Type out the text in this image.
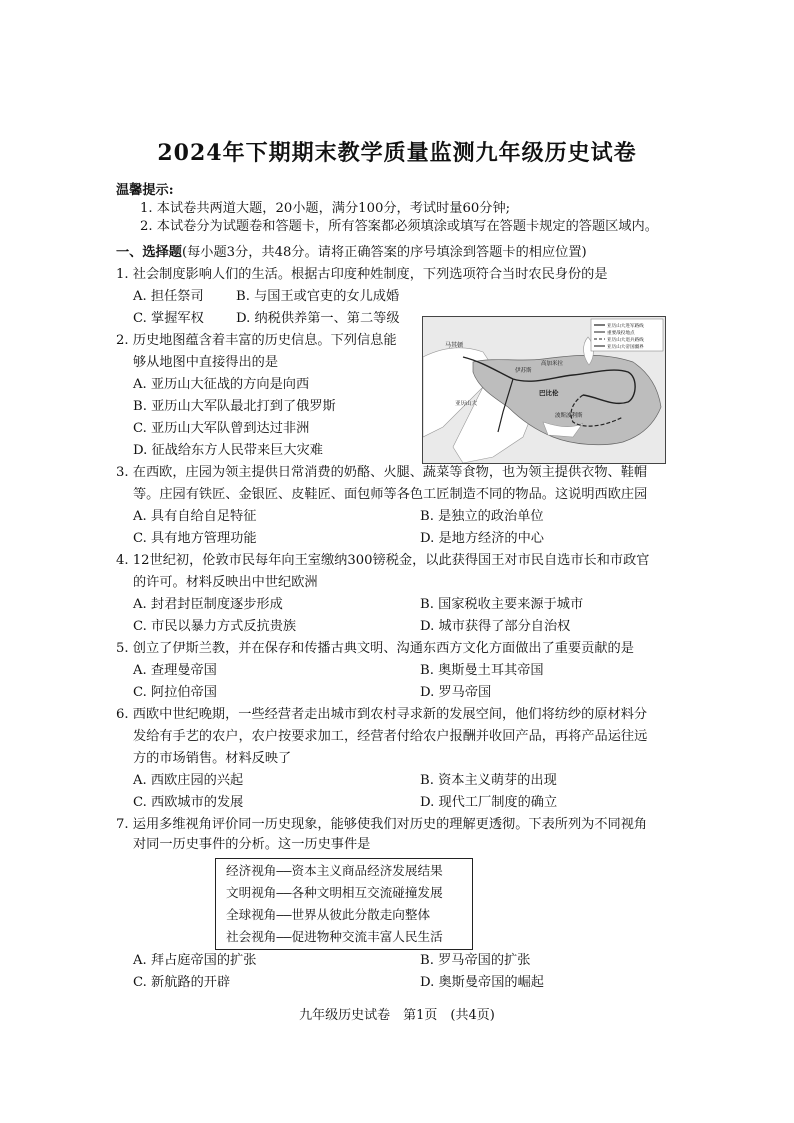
2024年下期期末教学质量监测九年级历史试卷
温馨提示:
1. 本试卷共两道大题，20小题，满分100分，考试时量60分钟;
2. 本试卷分为试题卷和答题卡，所有答案都必须填涂或填写在答题卡规定的答题区域内。
一、选择题(每小题3分，共48分。请将正确答案的序号填涂到答题卡的相应位置)
1. 社会制度影响人们的生活。根据古印度种姓制度，下列选项符合当时农民身份的是
A. 担任祭司 B. 与国王或官吏的女儿成婚
C. 掌握军权 D. 纳税供养第一、第二等级
2. 历史地图蕴含着丰富的历史信息。下列信息能
够从地图中直接得出的是
A. 亚历山大征战的方向是向西
B. 亚历山大军队最北打到了俄罗斯
C. 亚历山大军队曾到达过非洲
D. 征战给东方人民带来巨大灾难
亚历山大进军路线
重要战役地点
亚历山大退兵路线
亚历山大帝国疆界
马其顿
伊苏斯
高加米拉
巴比伦
波斯波利斯
亚历山大
3. 在西欧，庄园为领主提供日常消费的奶酪、火腿、蔬菜等食物，也为领主提供衣物、鞋帽
等。庄园有铁匠、金银匠、皮鞋匠、面包师等各色工匠制造不同的物品。这说明西欧庄园
A. 具有自给自足特征	B. 是独立的政治单位
C. 具有地方管理功能	D. 是地方经济的中心
4. 12世纪初，伦敦市民每年向王室缴纳300镑税金，以此获得国王对市民自选市长和市政官
的许可。材料反映出中世纪欧洲
A. 封君封臣制度逐步形成	B. 国家税收主要来源于城市
C. 市民以暴力方式反抗贵族	D. 城市获得了部分自治权
5. 创立了伊斯兰教，并在保存和传播古典文明、沟通东西方文化方面做出了重要贡献的是
A. 查理曼帝国	B. 奥斯曼土耳其帝国
C. 阿拉伯帝国	D. 罗马帝国
6. 西欧中世纪晚期，一些经营者走出城市到农村寻求新的发展空间，他们将纺纱的原材料分
发给有手艺的农户，农户按要求加工，经营者付给农户报酬并收回产品，再将产品运往远
方的市场销售。材料反映了
A. 西欧庄园的兴起	B. 资本主义萌芽的出现
C. 西欧城市的发展	D. 现代工厂制度的确立
7. 运用多维视角评价同一历史现象，能够使我们对历史的理解更透彻。下表所列为不同视角
对同一历史事件的分析。这一历史事件是
经济视角——资本主义商品经济发展结果
文明视角——各种文明相互交流碰撞发展
全球视角——世界从彼此分散走向整体
社会视角——促进物种交流丰富人民生活
A. 拜占庭帝国的扩张	B. 罗马帝国的扩张
C. 新航路的开辟	D. 奥斯曼帝国的崛起
九年级历史试卷　第1页　(共4页)
